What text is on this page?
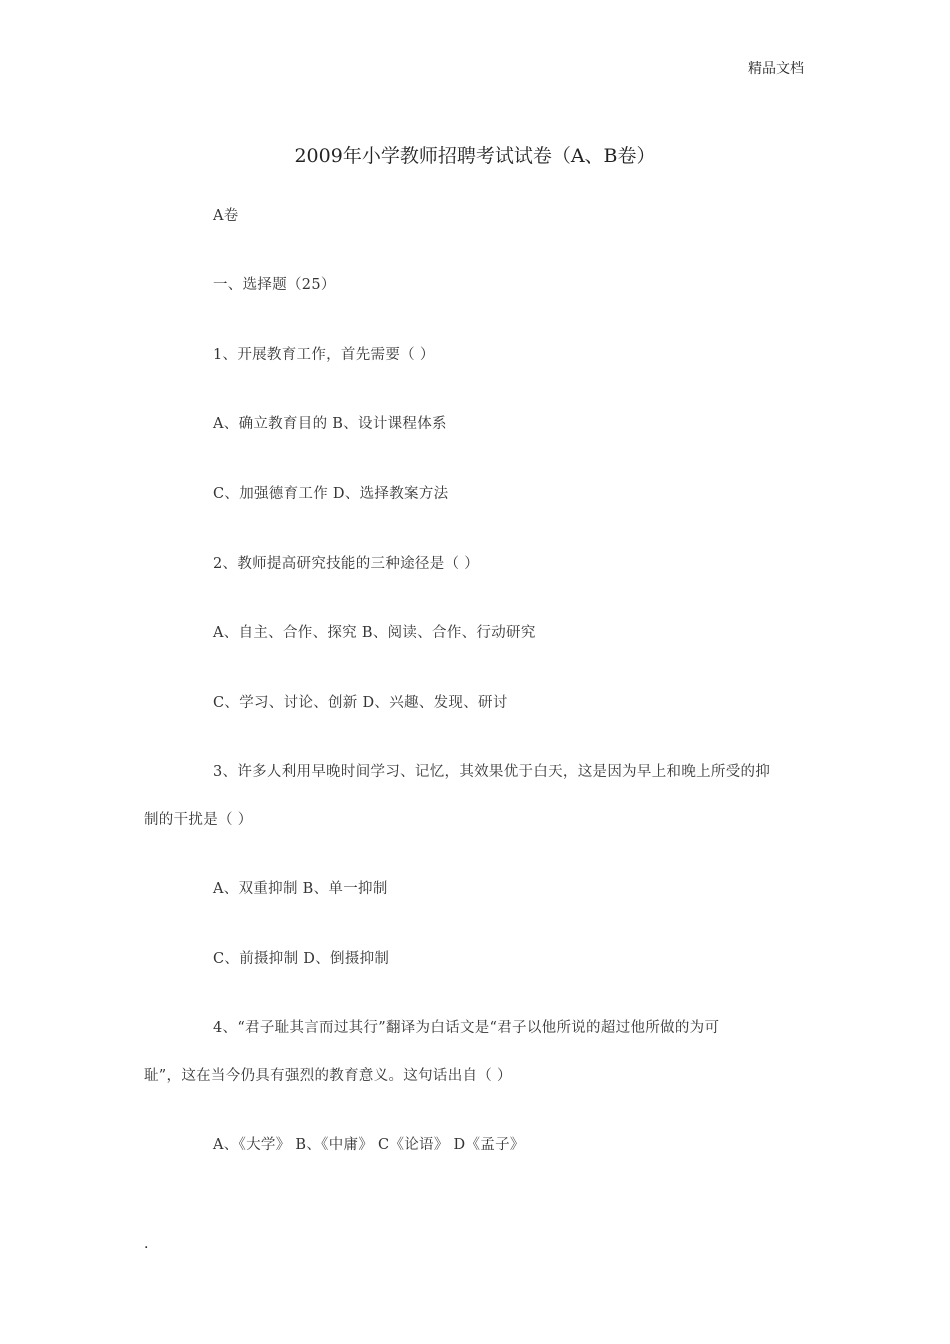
精品文档
2009年小学教师招聘考试试卷（A、B卷）
A卷
一、选择题（25）
1、开展教育工作，首先需要（ ）
A、确立教育目的 B、设计课程体系
C、加强德育工作 D、选择教案方法
2、教师提高研究技能的三种途径是（ ）
A、自主、合作、探究 B、阅读、合作、行动研究
C、学习、讨论、创新 D、兴趣、发现、研讨
3、许多人利用早晚时间学习、记忆，其效果优于白天，这是因为早上和晚上所受的抑
制的干扰是（ ）
A、双重抑制 B、单一抑制
C、前摄抑制 D、倒摄抑制
4、“君子耻其言而过其行”翻译为白话文是“君子以他所说的超过他所做的为可
耻”，这在当今仍具有强烈的教育意义。这句话出自（ ）
A、《大学》 B、《中庸》 C《论语》 D《孟子》
.
